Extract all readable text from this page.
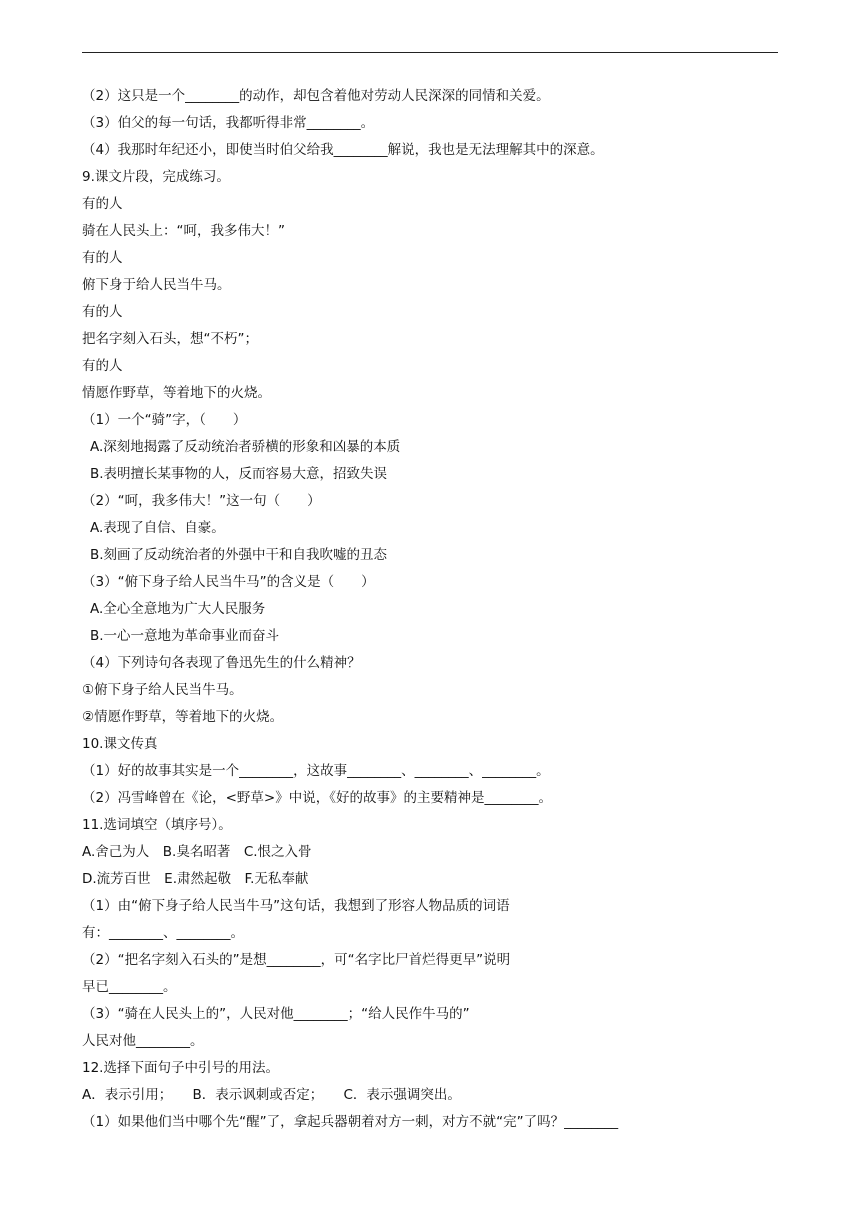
（2）这只是一个________的动作，却包含着他对劳动人民深深的同情和关爱。
（3）伯父的每一句话，我都听得非常________。
（4）我那时年纪还小，即使当时伯父给我________解说，我也是无法理解其中的深意。
9.课文片段，完成练习。
有的人
骑在人民头上：“呵，我多伟大！”
有的人
俯下身于给人民当牛马。
有的人
把名字刻入石头，想“不朽”；
有的人
情愿作野草，等着地下的火烧。
（1）一个“骑”字，（　　）
A.深刻地揭露了反动统治者骄横的形象和凶暴的本质
B.表明擅长某事物的人，反而容易大意，招致失误
（2）“呵，我多伟大！”这一句（　　）
A.表现了自信、自豪。
B.刻画了反动统治者的外强中干和自我吹嘘的丑态
（3）“俯下身子给人民当牛马”的含义是（　　）
A.全心全意地为广大人民服务
B.一心一意地为革命事业而奋斗
（4）下列诗句各表现了鲁迅先生的什么精神？
①俯下身子给人民当牛马。
②情愿作野草，等着地下的火烧。
10.课文传真
（1）好的故事其实是一个________，这故事________、________、________。
（2）冯雪峰曾在《论，<野草>》中说，《好的故事》的主要精神是________。
11.选词填空（填序号）。
A.舍己为人　B.臭名昭著　C.恨之入骨
D.流芳百世　E.肃然起敬　F.无私奉献
（1）由“俯下身子给人民当牛马”这句话，我想到了形容人物品质的词语
有：________、________。
（2）“把名字刻入石头的”是想________，可“名字比尸首烂得更早”说明
早已________。
（3）“骑在人民头上的”，人民对他________；“给人民作牛马的”
人民对他________。
12.选择下面句子中引号的用法。
A．表示引用；　　B．表示讽刺或否定；　　C．表示强调突出。
（1）如果他们当中哪个先“醒”了，拿起兵器朝着对方一刺，对方不就“完”了吗？________
